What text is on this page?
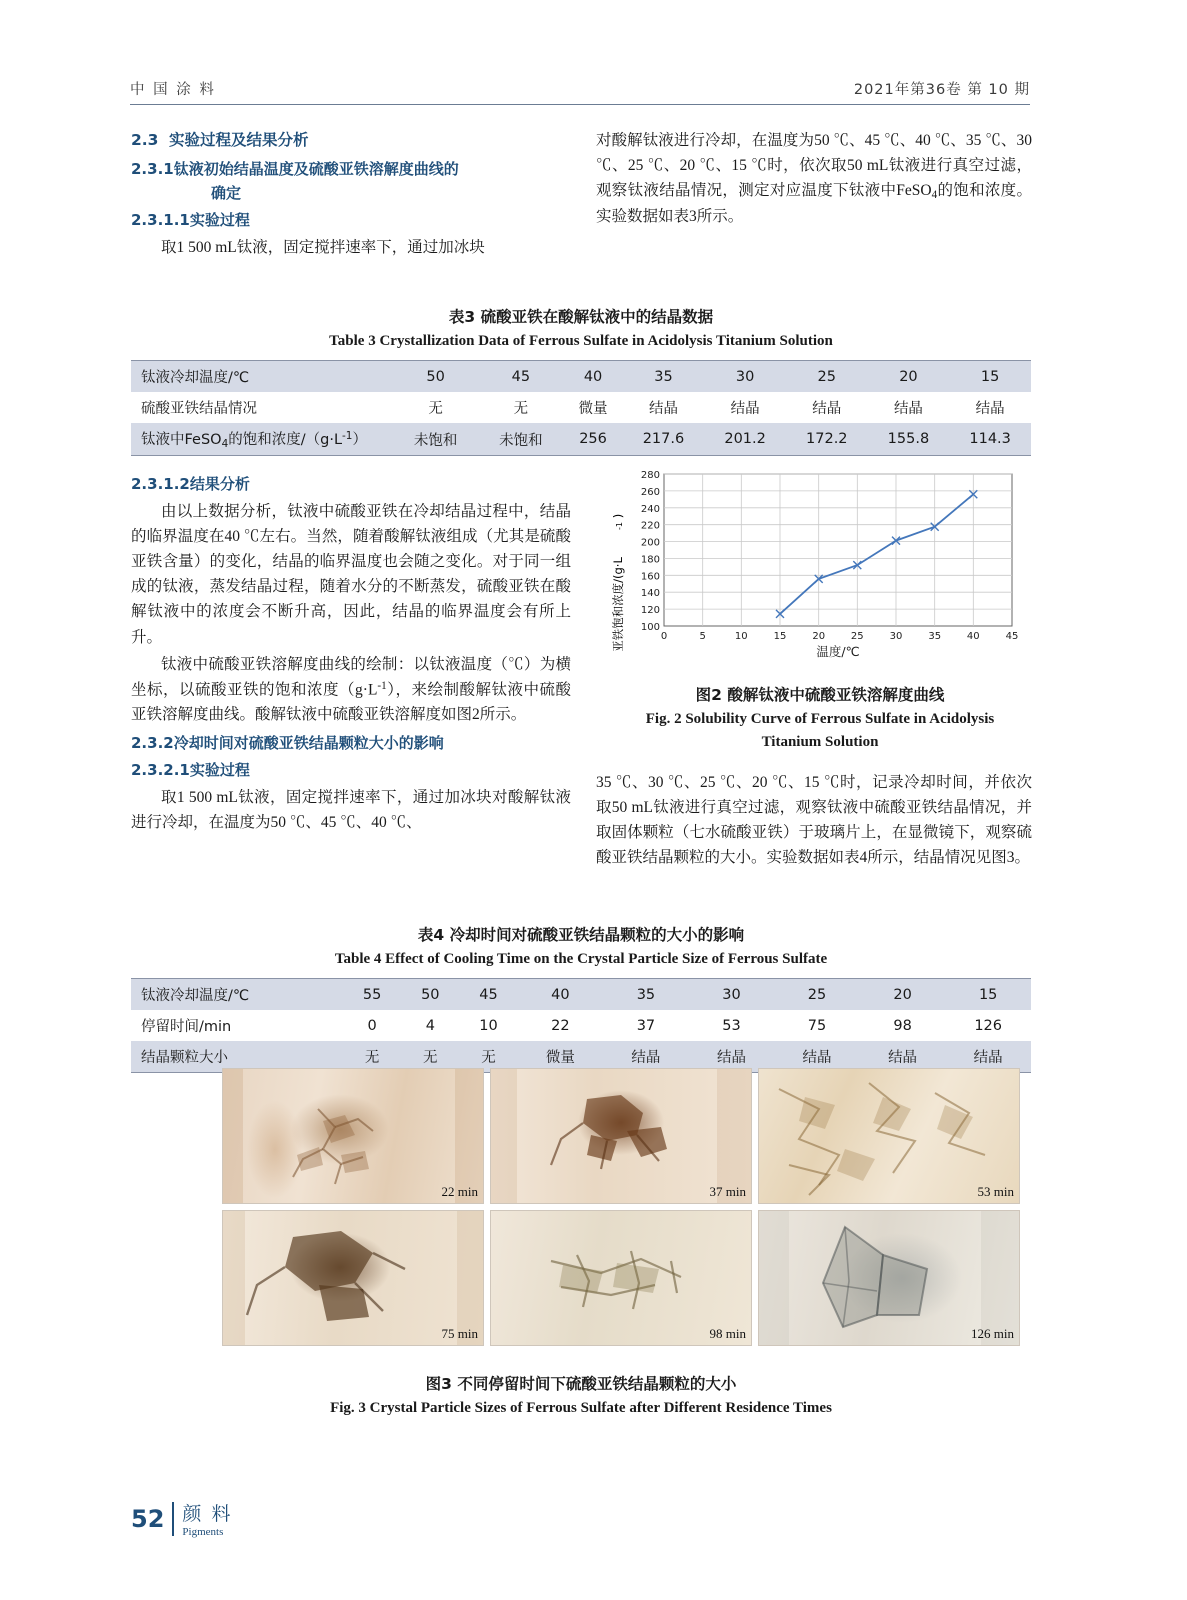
中 国 涂 料	2021年第36卷 第 10 期
2.3 实验过程及结果分析
2.3.1钛液初始结晶温度及硫酸亚铁溶解度曲线的
确定
2.3.1.1实验过程

取1 500 mL钛液，固定搅拌速率下，通过加冰块

对酸解钛液进行冷却，在温度为50 ℃、45 ℃、40 ℃、35 ℃、30 ℃、25 ℃、20 ℃、15 ℃时，依次取50 mL钛液进行真空过滤，观察钛液结晶情况，测定对应温度下钛液中FeSO$_4$的饱和浓度。实验数据如表3所示。

表3 硫酸亚铁在酸解钛液中的结晶数据

Table 3 Crystallization Data of Ferrous Sulfate in Acidolysis Titanium Solution

钛液冷却温度/℃	50	45	40	35	30	25	20	15
硫酸亚铁结晶情况	无	无	微量	结晶	结晶	结晶	结晶	结晶
钛液中FeSO$_4$的饱和浓度$/(g\cdot L^{-1})$	未饱和	未饱和	256	217.6	201.2	172.2	155.8	114.3
2.3.1.2结果分析

由以上数据分析，钛液中硫酸亚铁在冷却结晶过程中，结晶的临界温度在40 ℃左右。当然，随着酸解钛液组成（尤其是硫酸亚铁含量）的变化，结晶的临界温度也会随之变化。对于同一组成的钛液，蒸发结晶过程，随着水分的不断蒸发，硫酸亚铁在酸解钛液中的浓度会不断升高，因此，结晶的临界温度会有所上升。

钛液中硫酸亚铁溶解度曲线的绘制：以钛液温度（℃）为横坐标，以硫酸亚铁的饱和浓度$(g\cdot L^{-1})$，来绘制酸解钛液中硫酸亚铁溶解度曲线。酸解钛液中硫酸亚铁溶解度如图2所示。

2.3.2冷却时间对硫酸亚铁结晶颗粒大小的影响
2.3.2.1实验过程

取1 500 mL钛液，固定搅拌速率下，通过加冰块对酸解钛液进行冷却，在温度为50 ℃、45 ℃、40 ℃、

硫酸亚铁饱和浓度/(g·L
-1
)
280
260
240
220
200
180
160
140
120
100
0	5	10	15	20	25	30	35	40	45
温度/℃

图2 酸解钛液中硫酸亚铁溶解度曲线

Fig. 2 Solubility Curve of Ferrous Sulfate in Acidolysis

Titanium Solution

35 ℃、30 ℃、25 ℃、20 ℃、15 ℃时，记录冷却时间，并依次取50 mL钛液进行真空过滤，观察钛液中硫酸亚铁结晶情况，并取固体颗粒（七水硫酸亚铁）于玻璃片上，在显微镜下，观察硫酸亚铁结晶颗粒的大小。实验数据如表4所示，结晶情况见图3。

表4 冷却时间对硫酸亚铁结晶颗粒的大小的影响

Table 4 Effect of Cooling Time on the Crystal Particle Size of Ferrous Sulfate

钛液冷却温度/℃	55	50	45	40	35	30	25	20	15
停留时间/min	0	4	10	22	37	53	75	98	126
结晶颗粒大小	无	无	无	微量	结晶	结晶	结晶	结晶	结晶
22 min	37 min	53 min
75 min	98 min	126 min

图3 不同停留时间下硫酸亚铁结晶颗粒的大小

Fig. 3 Crystal Particle Sizes of Ferrous Sulfate after Different Residence Times

52 颜 料
Pigments
